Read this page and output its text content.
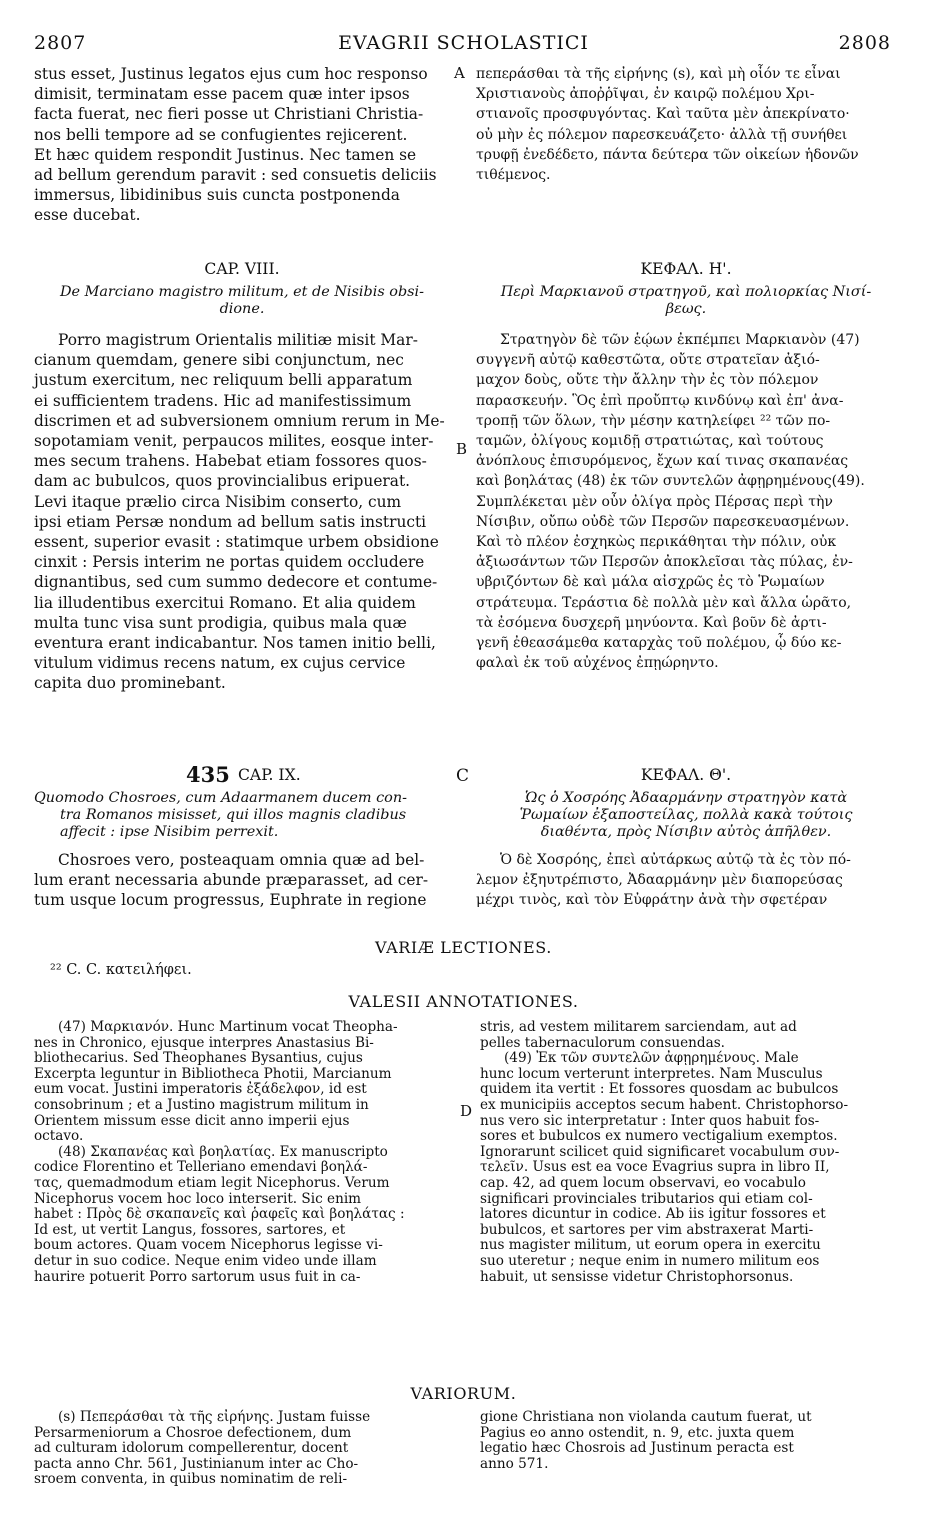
2807	EVAGRII SCHOLASTICI	2808
A
B
C
D

stus esset, Justinus legatos ejus cum hoc responso

dimisit, terminatam esse pacem quæ inter ipsos

facta fuerat, nec fieri posse ut Christiani Christia-

nos belli tempore ad se confugientes rejicerent.

Et hæc quidem respondit Justinus. Nec tamen se

ad bellum gerendum paravit : sed consuetis deliciis

immersus, libidinibus suis cuncta postponenda

esse ducebat.

πεπεράσθαι τὰ τῆς εἰρήνης (s), καὶ μὴ οἷόν τε εἶναι

Χριστιανοὺς ἀποῤῥῖψαι, ἐν καιρῷ πολέμου Χρι-

στιανοῖς προσφυγόντας. Καὶ ταῦτα μὲν ἀπεκρίνατο·

οὐ μὴν ἐς πόλεμον παρεσκευάζετο· ἀλλὰ τῇ συνήθει

τρυφῇ ἐνεδέδετο, πάντα δεύτερα τῶν οἰκείων ἡδονῶν

τιθέμενος.

CAP. VIII.
De Marciano magistro militum, et de Nisibis obsi-
dione.

Porro magistrum Orientalis militiæ misit Mar-

cianum quemdam, genere sibi conjunctum, nec

justum exercitum, nec reliquum belli apparatum

ei sufficientem tradens. Hic ad manifestissimum

discrimen et ad subversionem omnium rerum in Me-

sopotamiam venit, perpaucos milites, eosque inter-

mes secum trahens. Habebat etiam fossores quos-

dam ac bubulcos, quos provincialibus eripuerat.

Levi itaque prælio circa Nisibim conserto, cum

ipsi etiam Persæ nondum ad bellum satis instructi

essent, superior evasit : statimque urbem obsidione

cinxit : Persis interim ne portas quidem occludere

dignantibus, sed cum summo dedecore et contume-

lia illudentibus exercitui Romano. Et alia quidem

multa tunc visa sunt prodigia, quibus mala quæ

eventura erant indicabantur. Nos tamen initio belli,

vitulum vidimus recens natum, ex cujus cervice

capita duo prominebant.

ΚΕΦΑΛ. Η'.
Περὶ Μαρκιανοῦ στρατηγοῦ, καὶ πολιορκίας Νισί-
βεως.

Στρατηγὸν δὲ τῶν ἑῴων ἐκπέμπει Μαρκιανὸν (47)

συγγενῆ αὐτῷ καθεστῶτα, οὔτε στρατεῖαν ἀξιό-

μαχον δοὺς, οὔτε τὴν ἄλλην τὴν ἐς τὸν πόλεμον

παρασκευήν. Ὃς ἐπὶ προὔπτῳ κινδύνῳ καὶ ἐπ' ἀνα-

τροπῇ τῶν ὅλων, τὴν μέσην κατηλείφει ²² τῶν πο-

ταμῶν, ὀλίγους κομιδῇ στρατιώτας, καὶ τούτους

ἀνόπλους ἐπισυρόμενος, ἔχων καί τινας σκαπανέας

καὶ βοηλάτας (48) ἐκ τῶν συντελῶν ἀφῃρημένους(49).

Συμπλέκεται μὲν οὖν ὀλίγα πρὸς Πέρσας περὶ τὴν

Νίσιβιν, οὔπω οὐδὲ τῶν Περσῶν παρεσκευασμένων.

Καὶ τὸ πλέον ἐσχηκὼς περικάθηται τὴν πόλιν, οὐκ

ἀξιωσάντων τῶν Περσῶν ἀποκλεῖσαι τὰς πύλας, ἐν-

υβριζόντων δὲ καὶ μάλα αἰσχρῶς ἐς τὸ Ῥωμαίων

στράτευμα. Τεράστια δὲ πολλὰ μὲν καὶ ἄλλα ὡρᾶτο,

τὰ ἐσόμενα δυσχερῆ μηνύοντα. Καὶ βοῦν δὲ ἀρτι-

γενῆ ἐθεασάμεθα καταρχὰς τοῦ πολέμου, ᾧ δύο κε-

φαλαὶ ἐκ τοῦ αὐχένος ἐπῃώρηντο.

435 CAP. IX.
Quomodo Chosroes, cum Adaarmanem ducem con-
tra Romanos misisset, qui illos magnis cladibus
affecit : ipse Nisibim perrexit.

Chosroes vero, posteaquam omnia quæ ad bel-

lum erant necessaria abunde præparasset, ad cer-

tum usque locum progressus, Euphrate in regione

ΚΕΦΑΛ. Θ'.
Ὡς ὁ Χοσρόης Ἀδααρμάνην στρατηγὸν κατὰ
Ῥωμαίων ἐξαποστείλας, πολλὰ κακὰ τούτοις
διαθέντα, πρὸς Νίσιβιν αὐτὸς ἀπῆλθεν.

Ὁ δὲ Χοσρόης, ἐπεὶ αὐτάρκως αὐτῷ τὰ ἐς τὸν πό-

λεμον ἐξηυτρέπιστο, Ἀδααρμάνην μὲν διαπορεύσας

μέχρι τινὸς, καὶ τὸν Εὐφράτην ἀνὰ τὴν σφετέραν

VARIÆ LECTIONES.
²² C. C. κατειλήφει.
VALESII ANNOTATIONES.

(47) Μαρκιανόν. Hunc Martinum vocat Theopha-

nes in Chronico, ejusque interpres Anastasius Bi-

bliothecarius. Sed Theophanes Bysantius, cujus

Excerpta leguntur in Bibliotheca Photii, Marcianum

eum vocat. Justini imperatoris ἐξάδελφον, id est

consobrinum ; et a Justino magistrum militum in

Orientem missum esse dicit anno imperii ejus

octavo.

(48) Σκαπανέας καὶ βοηλατίας. Ex manuscripto

codice Florentino et Telleriano emendavi βοηλά-

τας, quemadmodum etiam legit Nicephorus. Verum

Nicephorus vocem hoc loco interserit. Sic enim

habet : Πρὸς δὲ σκαπανεῖς καὶ ῥαφεῖς καὶ βοηλάτας :

Id est, ut vertit Langus, fossores, sartores, et

boum actores. Quam vocem Nicephorus legisse vi-

detur in suo codice. Neque enim video unde illam

haurire potuerit Porro sartorum usus fuit in ca-

stris, ad vestem militarem sarciendam, aut ad

pelles tabernaculorum consuendas.

(49) Ἐκ τῶν συντελῶν ἀφῃρημένους. Male

hunc locum verterunt interpretes. Nam Musculus

quidem ita vertit : Et fossores quosdam ac bubulcos

ex municipiis acceptos secum habent. Christophorso-

nus vero sic interpretatur : Inter quos habuit fos-

sores et bubulcos ex numero vectigalium exemptos.

Ignorarunt scilicet quid significaret vocabulum συν-

τελεῖν. Usus est ea voce Evagrius supra in libro II,

cap. 42, ad quem locum observavi, eo vocabulo

significari provinciales tributarios qui etiam col-

latores dicuntur in codice. Ab iis igitur fossores et

bubulcos, et sartores per vim abstraxerat Marti-

nus magister militum, ut eorum opera in exercitu

suo uteretur ; neque enim in numero militum eos

habuit, ut sensisse videtur Christophorsonus.

VARIORUM.

(s) Πεπεράσθαι τὰ τῆς εἰρήνης. Justam fuisse

Persarmeniorum a Chosroe defectionem, dum

ad culturam idolorum compellerentur, docent

pacta anno Chr. 561, Justinianum inter ac Cho-

sroem conventa, in quibus nominatim de reli-

gione Christiana non violanda cautum fuerat, ut

Pagius eo anno ostendit, n. 9, etc. juxta quem

legatio hæc Chosrois ad Justinum peracta est

anno 571.
